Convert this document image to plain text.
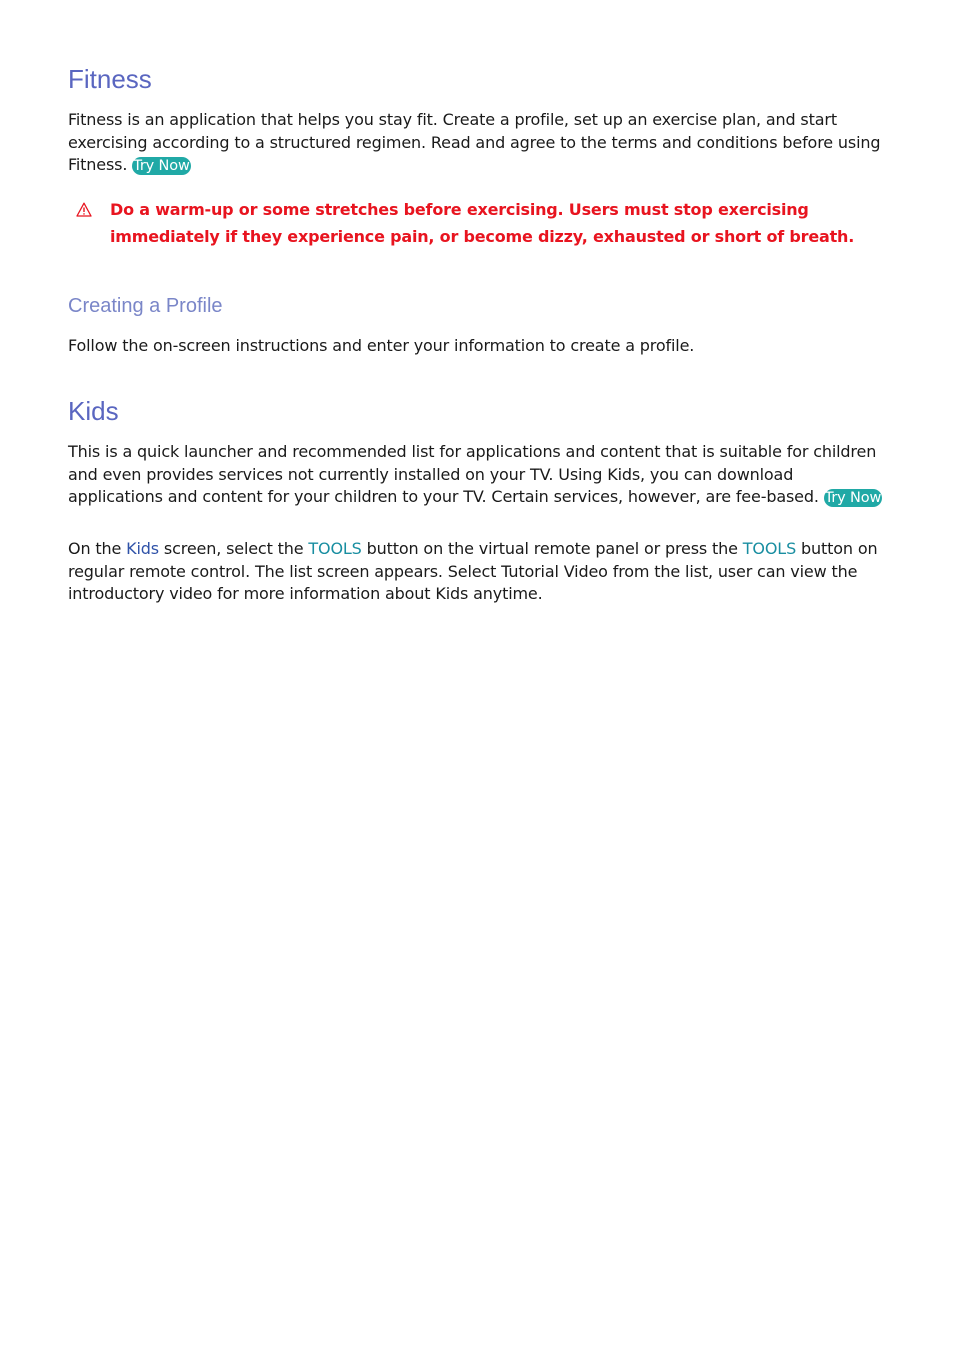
Fitness

Fitness is an application that helps you stay fit. Create a profile, set up an exercise plan, and start exercising according to a structured regimen. Read and agree to the terms and conditions before using Fitness. Try Now

Do a warm-up or some stretches before exercising. Users must stop exercising immediately if they experience pain, or become dizzy, exhausted or short of breath.
Creating a Profile

Follow the on-screen instructions and enter your information to create a profile.

Kids

This is a quick launcher and recommended list for applications and content that is suitable for children and even provides services not currently installed on your TV. Using Kids, you can download applications and content for your children to your TV. Certain services, however, are fee-based. Try Now

On the Kids screen, select the TOOLS button on the virtual remote panel or press the TOOLS button on regular remote control. The list screen appears. Select Tutorial Video from the list, user can view the introductory video for more information about Kids anytime.
